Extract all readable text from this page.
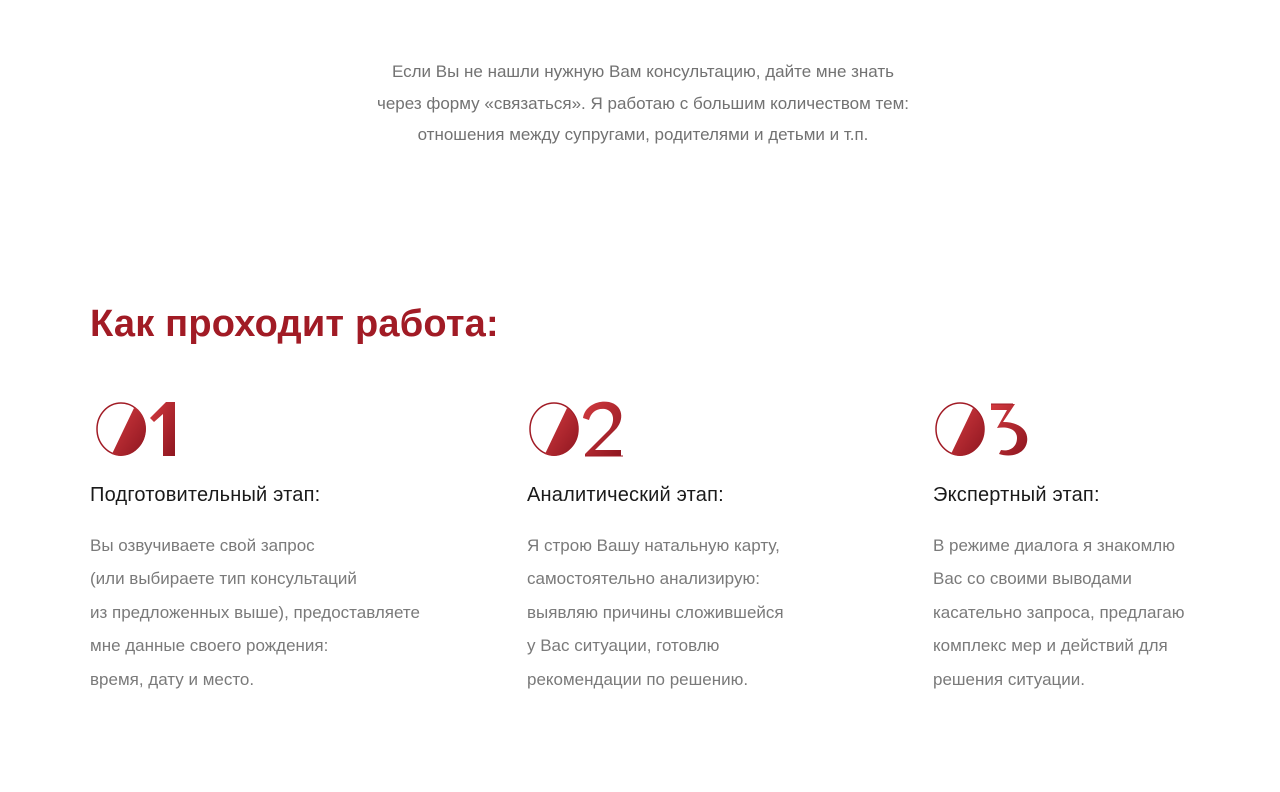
Если Вы не нашли нужную Вам консультацию, дайте мне знать

через форму «связаться». Я работаю с большим количеством тем:

отношения между супругами, родителями и детьми и т.п.

Как проходит работа:
Подготовительный этап:

Вы озвучиваете свой запрос

(или выбираете тип консультаций

из предложенных выше), предоставляете

мне данные своего рождения:

время, дату и место.

Аналитический этап:

Я строю Вашу натальную карту,

самостоятельно анализирую:

выявляю причины сложившейся

у Вас ситуации, готовлю

рекомендации по решению.

Экспертный этап:

В режиме диалога я знакомлю

Вас со своими выводами

касательно запроса, предлагаю

комплекс мер и действий для

решения ситуации.
